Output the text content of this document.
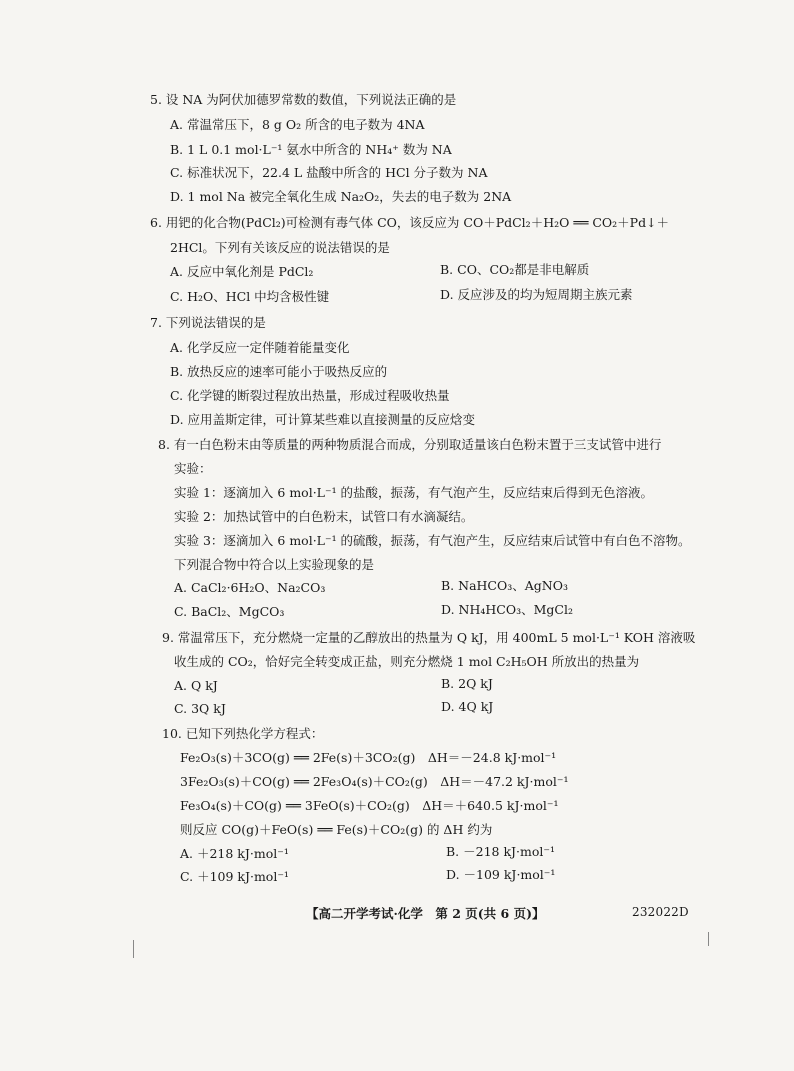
5. 设 NA 为阿伏加德罗常数的数值，下列说法正确的是
A. 常温常压下，8 g O₂ 所含的电子数为 4NA
B. 1 L 0.1 mol·L⁻¹ 氨水中所含的 NH₄⁺ 数为 NA
C. 标准状况下，22.4 L 盐酸中所含的 HCl 分子数为 NA
D. 1 mol Na 被完全氧化生成 Na₂O₂，失去的电子数为 2NA
6. 用钯的化合物(PdCl₂)可检测有毒气体 CO，该反应为 CO＋PdCl₂＋H₂O ══ CO₂＋Pd↓＋
2HCl。下列有关该反应的说法错误的是
A. 反应中氧化剂是 PdCl₂	B. CO、CO₂都是非电解质
C. H₂O、HCl 中均含极性键	D. 反应涉及的均为短周期主族元素
7. 下列说法错误的是
A. 化学反应一定伴随着能量变化
B. 放热反应的速率可能小于吸热反应的
C. 化学键的断裂过程放出热量，形成过程吸收热量
D. 应用盖斯定律，可计算某些难以直接测量的反应焓变
8. 有一白色粉末由等质量的两种物质混合而成，分别取适量该白色粉末置于三支试管中进行
实验：
实验 1：逐滴加入 6 mol·L⁻¹ 的盐酸，振荡，有气泡产生，反应结束后得到无色溶液。
实验 2：加热试管中的白色粉末，试管口有水滴凝结。
实验 3：逐滴加入 6 mol·L⁻¹ 的硫酸，振荡，有气泡产生，反应结束后试管中有白色不溶物。
下列混合物中符合以上实验现象的是
A. CaCl₂·6H₂O、Na₂CO₃	B. NaHCO₃、AgNO₃
C. BaCl₂、MgCO₃	D. NH₄HCO₃、MgCl₂
9. 常温常压下，充分燃烧一定量的乙醇放出的热量为 Q kJ，用 400mL 5 mol·L⁻¹ KOH 溶液吸
收生成的 CO₂，恰好完全转变成正盐，则充分燃烧 1 mol C₂H₅OH 所放出的热量为
A. Q kJ	B. 2Q kJ
C. 3Q kJ	D. 4Q kJ
10. 已知下列热化学方程式：
Fe₂O₃(s)＋3CO(g) ══ 2Fe(s)＋3CO₂(g)　ΔH＝－24.8 kJ·mol⁻¹
3Fe₂O₃(s)＋CO(g) ══ 2Fe₃O₄(s)＋CO₂(g)　ΔH＝－47.2 kJ·mol⁻¹
Fe₃O₄(s)＋CO(g) ══ 3FeO(s)＋CO₂(g)　ΔH＝＋640.5 kJ·mol⁻¹
则反应 CO(g)＋FeO(s) ══ Fe(s)＋CO₂(g) 的 ΔH 约为
A. ＋218 kJ·mol⁻¹	B. －218 kJ·mol⁻¹
C. ＋109 kJ·mol⁻¹	D. －109 kJ·mol⁻¹
【高二开学考试·化学　第 2 页(共 6 页)】	232022D
